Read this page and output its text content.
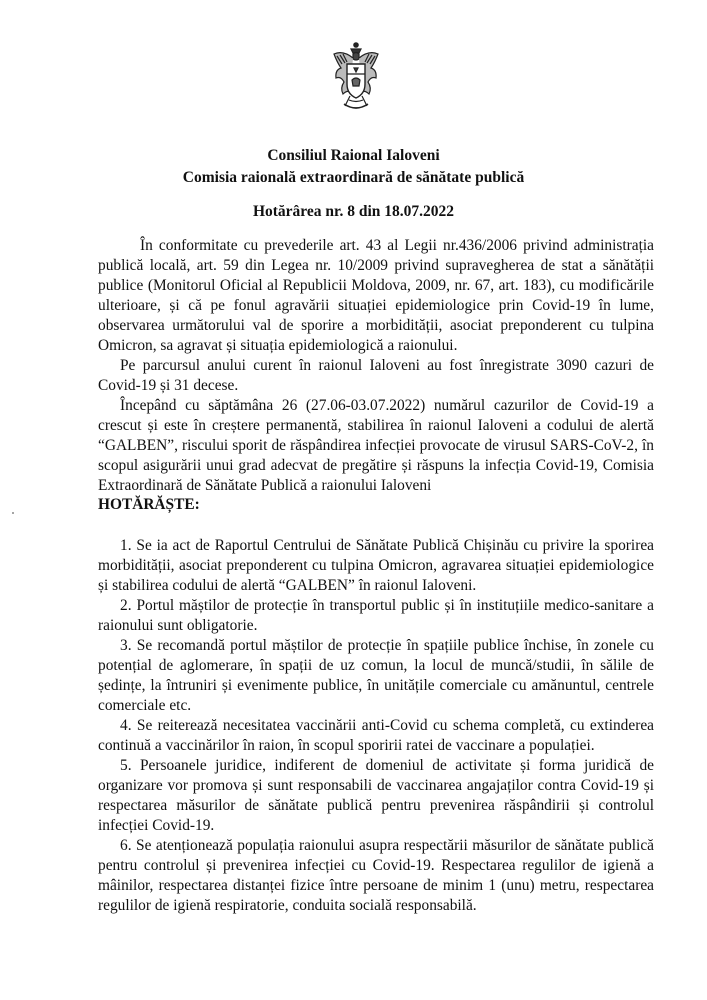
Consiliul Raional Ialoveni
Comisia raională extraordinară de sănătate publică
Hotărârea nr. 8 din 18.07.2022
În conformitate cu prevederile art. 43 al Legii nr.436/2006 privind administrația publică locală, art. 59 din Legea nr. 10/2009 privind supravegherea de stat a sănătății publice (Monitorul Oficial al Republicii Moldova, 2009, nr. 67, art. 183), cu modificările ulterioare, și că pe fonul agravării situației epidemiologice prin Covid-19 în lume, observarea următorului val de sporire a morbidității, asociat preponderent cu tulpina Omicron, sa agravat și situația epidemiologică a raionului.
Pe parcursul anului curent în raionul Ialoveni au fost înregistrate 3090 cazuri de Covid-19 și 31 decese.
Începând cu săptămâna 26 (27.06-03.07.2022) numărul cazurilor de Covid-19 a crescut și este în creștere permanentă, stabilirea în raionul Ialoveni a codului de alertă “GALBEN”, riscului sporit de răspândirea infecției provocate de virusul SARS-CoV-2, în scopul asigurării unui grad adecvat de pregătire și răspuns la infecția Covid-19, Comisia Extraordinară de Sănătate Publică a raionului Ialoveni
HOTĂRĂȘTE:
1. Se ia act de Raportul Centrului de Sănătate Publică Chișinău cu privire la sporirea morbidității, asociat preponderent cu tulpina Omicron, agravarea situației epidemiologice și stabilirea codului de alertă “GALBEN” în raionul Ialoveni.
2. Portul măștilor de protecție în transportul public și în instituțiile medico-sanitare a raionului sunt obligatorie.
3. Se recomandă portul măștilor de protecție în spațiile publice închise, în zonele cu potențial de aglomerare, în spații de uz comun, la locul de muncă/studii, în sălile de ședințe, la întruniri și evenimente publice, în unitățile comerciale cu amănuntul, centrele comerciale etc.
4. Se reiterează necesitatea vaccinării anti-Covid cu schema completă, cu extinderea continuă a vaccinărilor în raion, în scopul sporirii ratei de vaccinare a populației.
5. Persoanele juridice, indiferent de domeniul de activitate și forma juridică de organizare vor promova și sunt responsabili de vaccinarea angajaților contra Covid-19 și respectarea măsurilor de sănătate publică pentru prevenirea răspândirii și controlul infecției Covid-19.
6. Se atenționează populația raionului asupra respectării măsurilor de sănătate publică pentru controlul și prevenirea infecției cu Covid-19. Respectarea regulilor de igienă a mâinilor, respectarea distanței fizice între persoane de minim 1 (unu) metru, respectarea regulilor de igienă respiratorie, conduita socială responsabilă.
